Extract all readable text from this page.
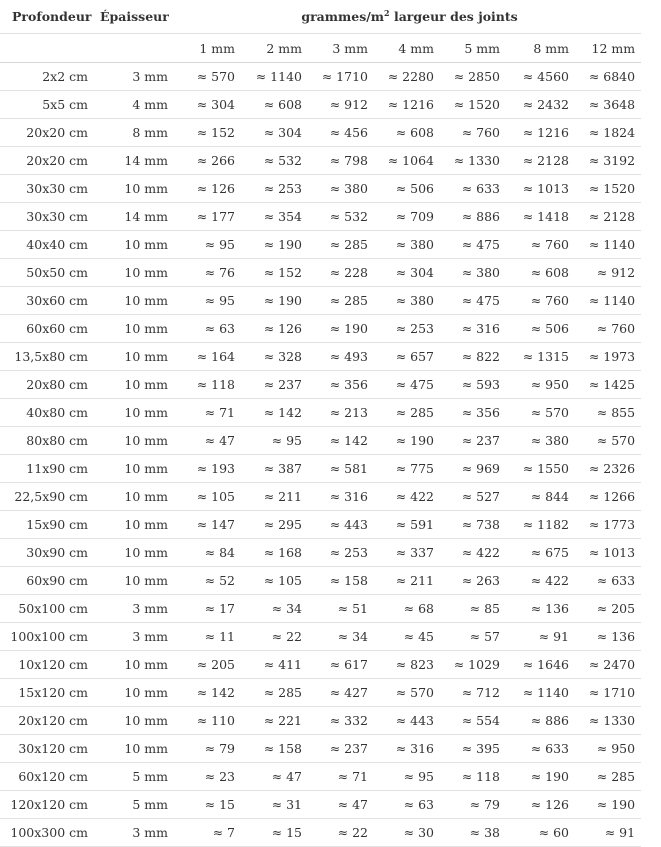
Profondeur	Épaisseur	grammes/$m^2$ largeur des joints						
		1 mm	2 mm	3 mm	4 mm	5 mm	8 mm	12 mm
2x2 cm	3 mm	≈ 570	≈ 1140	≈ 1710	≈ 2280	≈ 2850	≈ 4560	≈ 6840
5x5 cm	4 mm	≈ 304	≈ 608	≈ 912	≈ 1216	≈ 1520	≈ 2432	≈ 3648
20x20 cm	8 mm	≈ 152	≈ 304	≈ 456	≈ 608	≈ 760	≈ 1216	≈ 1824
20x20 cm	14 mm	≈ 266	≈ 532	≈ 798	≈ 1064	≈ 1330	≈ 2128	≈ 3192
30x30 cm	10 mm	≈ 126	≈ 253	≈ 380	≈ 506	≈ 633	≈ 1013	≈ 1520
30x30 cm	14 mm	≈ 177	≈ 354	≈ 532	≈ 709	≈ 886	≈ 1418	≈ 2128
40x40 cm	10 mm	≈ 95	≈ 190	≈ 285	≈ 380	≈ 475	≈ 760	≈ 1140
50x50 cm	10 mm	≈ 76	≈ 152	≈ 228	≈ 304	≈ 380	≈ 608	≈ 912
30x60 cm	10 mm	≈ 95	≈ 190	≈ 285	≈ 380	≈ 475	≈ 760	≈ 1140
60x60 cm	10 mm	≈ 63	≈ 126	≈ 190	≈ 253	≈ 316	≈ 506	≈ 760
13,5x80 cm	10 mm	≈ 164	≈ 328	≈ 493	≈ 657	≈ 822	≈ 1315	≈ 1973
20x80 cm	10 mm	≈ 118	≈ 237	≈ 356	≈ 475	≈ 593	≈ 950	≈ 1425
40x80 cm	10 mm	≈ 71	≈ 142	≈ 213	≈ 285	≈ 356	≈ 570	≈ 855
80x80 cm	10 mm	≈ 47	≈ 95	≈ 142	≈ 190	≈ 237	≈ 380	≈ 570
11x90 cm	10 mm	≈ 193	≈ 387	≈ 581	≈ 775	≈ 969	≈ 1550	≈ 2326
22,5x90 cm	10 mm	≈ 105	≈ 211	≈ 316	≈ 422	≈ 527	≈ 844	≈ 1266
15x90 cm	10 mm	≈ 147	≈ 295	≈ 443	≈ 591	≈ 738	≈ 1182	≈ 1773
30x90 cm	10 mm	≈ 84	≈ 168	≈ 253	≈ 337	≈ 422	≈ 675	≈ 1013
60x90 cm	10 mm	≈ 52	≈ 105	≈ 158	≈ 211	≈ 263	≈ 422	≈ 633
50x100 cm	3 mm	≈ 17	≈ 34	≈ 51	≈ 68	≈ 85	≈ 136	≈ 205
100x100 cm	3 mm	≈ 11	≈ 22	≈ 34	≈ 45	≈ 57	≈ 91	≈ 136
10x120 cm	10 mm	≈ 205	≈ 411	≈ 617	≈ 823	≈ 1029	≈ 1646	≈ 2470
15x120 cm	10 mm	≈ 142	≈ 285	≈ 427	≈ 570	≈ 712	≈ 1140	≈ 1710
20x120 cm	10 mm	≈ 110	≈ 221	≈ 332	≈ 443	≈ 554	≈ 886	≈ 1330
30x120 cm	10 mm	≈ 79	≈ 158	≈ 237	≈ 316	≈ 395	≈ 633	≈ 950
60x120 cm	5 mm	≈ 23	≈ 47	≈ 71	≈ 95	≈ 118	≈ 190	≈ 285
120x120 cm	5 mm	≈ 15	≈ 31	≈ 47	≈ 63	≈ 79	≈ 126	≈ 190
100x300 cm	3 mm	≈ 7	≈ 15	≈ 22	≈ 30	≈ 38	≈ 60	≈ 91
